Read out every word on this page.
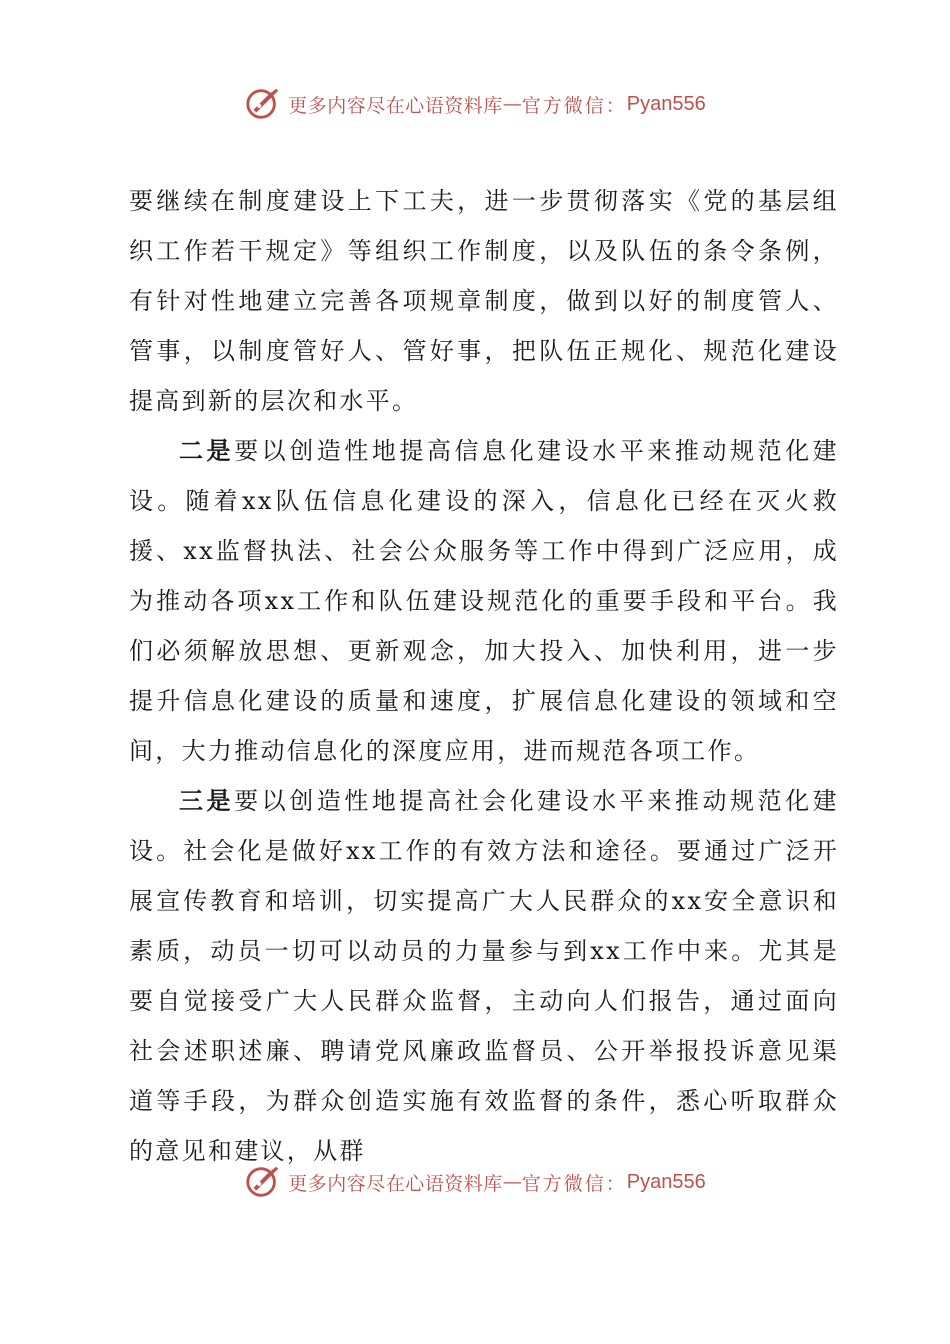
更多内容尽在心语资料库 — 官方微信： Pyan556

要继续在制度建设上下工夫，进一步贯彻落实《党的基层组织工作若干规定》等组织工作制度，以及队伍的条令条例，有针对性地建立完善各项规章制度，做到以好的制度管人、管事，以制度管好人、管好事，把队伍正规化、规范化建设提高到新的层次和水平。

二是要以创造性地提高信息化建设水平来推动规范化建设。随着xx队伍信息化建设的深入，信息化已经在灭火救援、xx监督执法、社会公众服务等工作中得到广泛应用，成为推动各项xx工作和队伍建设规范化的重要手段和平台。我们必须解放思想、更新观念，加大投入、加快利用，进一步提升信息化建设的质量和速度，扩展信息化建设的领域和空间，大力推动信息化的深度应用，进而规范各项工作。

三是要以创造性地提高社会化建设水平来推动规范化建设。社会化是做好xx工作的有效方法和途径。要通过广泛开展宣传教育和培训，切实提高广大人民群众的xx安全意识和素质，动员一切可以动员的力量参与到xx工作中来。尤其是要自觉接受广大人民群众监督，主动向人们报告，通过面向社会述职述廉、聘请党风廉政监督员、公开举报投诉意见渠道等手段，为群众创造实施有效监督的条件，悉心听取群众的意见和建议，从群

更多内容尽在心语资料库 — 官方微信： Pyan556
